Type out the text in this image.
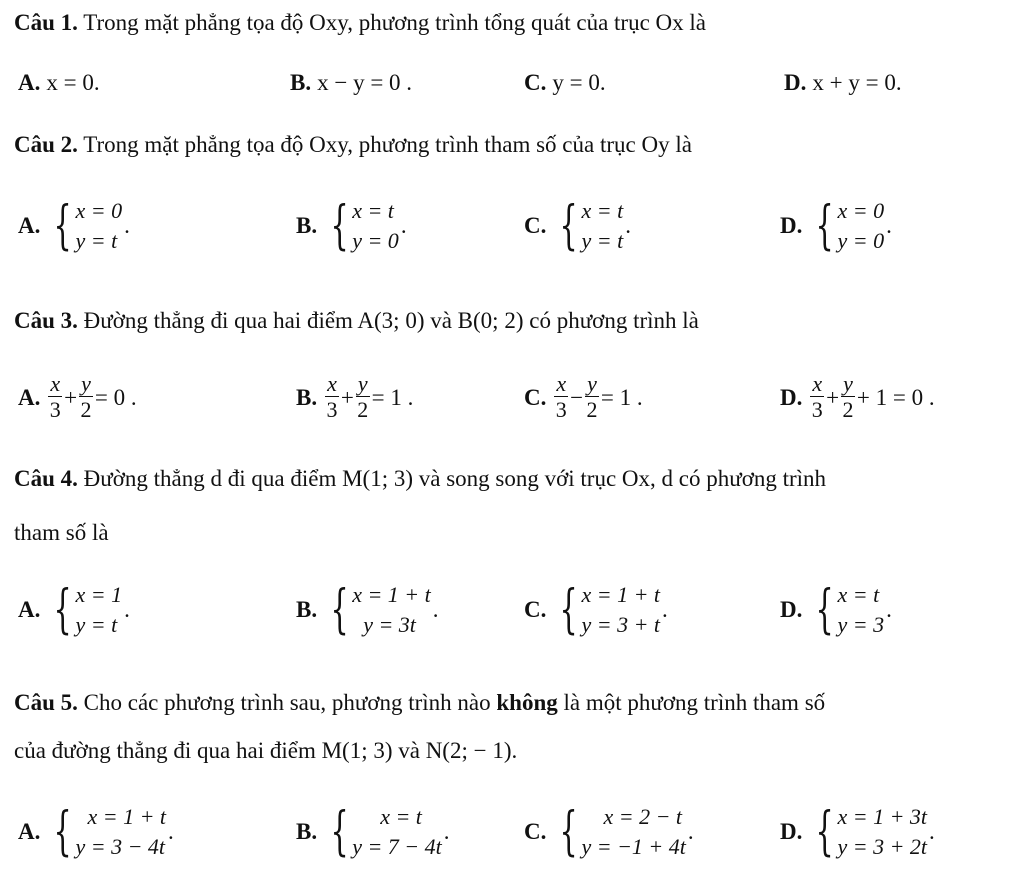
Câu 1. Trong mặt phẳng tọa độ Oxy, phương trình tổng quát của trục Ox là
A. x = 0.	B. x − y = 0 .	C. y = 0.	D. x + y = 0.
Câu 2. Trong mặt phẳng tọa độ Oxy, phương trình tham số của trục Oy là
A. { x = 0
y = t
.	B. { x = t
y = 0
.	C. { x = t
y = t
.	D. { x = 0
y = 0
.
Câu 3. Đường thẳng đi qua hai điểm A(3; 0) và B(0; 2) có phương trình là
A. $\frac{x}{3} + \frac{y}{2} = 0$ .	B. $\frac{x}{3} + \frac{y}{2} = 1$ .	C. $\frac{x}{3} - \frac{y}{2} = 1$ .	D. $\frac{x}{3} + \frac{y}{2} + 1 = 0$ .
Câu 4. Đường thẳng d đi qua điểm M(1; 3) và song song với trục Ox, d có phương trình
tham số là
A. { x = 1
y = t
.	B. { x = 1 + t
y = 3t
.	C. { x = 1 + t
y = 3 + t
.	D. { x = t
y = 3
.
Câu 5. Cho các phương trình sau, phương trình nào không là một phương trình tham số
của đường thẳng đi qua hai điểm M(1; 3) và N(2; − 1).
A. { x = 1 + t
y = 3 − 4t
.	B. {	x = t
y = 7 − 4t
.	C. {	x = 2 − t
y = −1 + 4t
.	D. { x = 1 + 3t
y = 3 + 2t
.
